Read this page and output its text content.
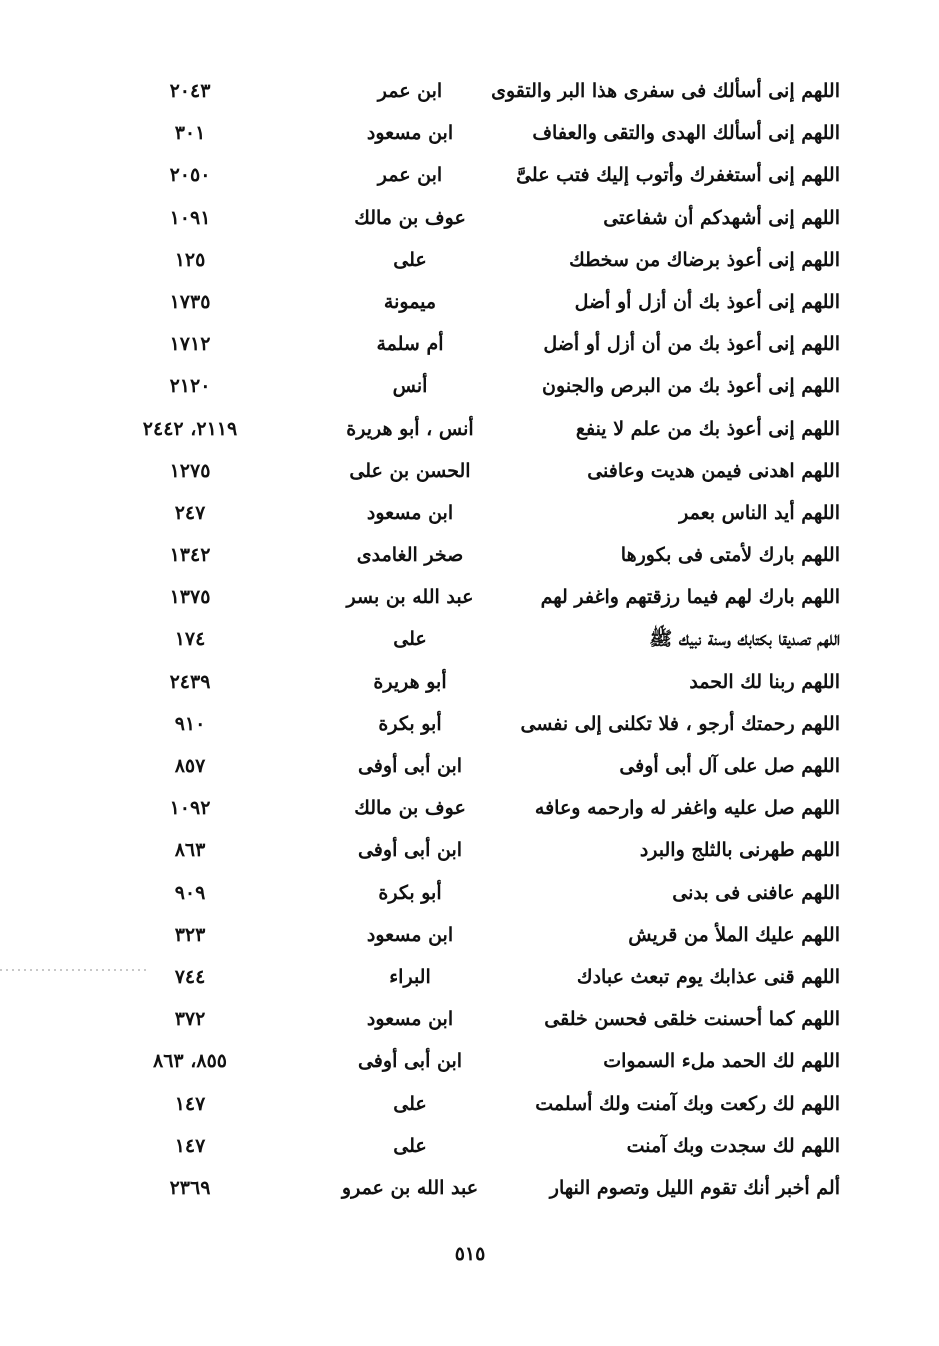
اللهم إنى أسألك فى سفرى هذا البر والتقوى
ابن عمر
٢٠٤٣
اللهم إنى أسألك الهدى والتقى والعفاف
ابن مسعود
٣٠١
اللهم إنى أستغفرك وأتوب إليك فتب علىَّ
ابن عمر
٢٠٥٠
اللهم إنى أشهدكم أن شفاعتى
عوف بن مالك
١٠٩١
اللهم إنى أعوذ برضاك من سخطك
على
١٢٥
اللهم إنى أعوذ بك أن أزل أو أضل
ميمونة
١٧٣٥
اللهم إنى أعوذ بك من أن أزل أو أضل
أم سلمة
١٧١٢
اللهم إنى أعوذ بك من البرص والجنون
أنس
٢١٢٠
اللهم إنى أعوذ بك من علم لا ينفع
أنس ، أبو هريرة
٢١١٩، ٢٤٤٢
اللهم اهدنى فيمن هديت وعافنى
الحسن بن على
١٢٧٥
اللهم أيد الناس بعمر
ابن مسعود
٢٤٧
اللهم بارك لأمتى فى بكورها
صخر الغامدى
١٣٤٢
اللهم بارك لهم فيما رزقتهم واغفر لهم
عبد الله بن بسر
١٣٧٥
اللهم تصديقا بكتابك وسنة نبيك ﷺ
على
١٧٤
اللهم ربنا لك الحمد
أبو هريرة
٢٤٣٩
اللهم رحمتك أرجو ، فلا تكلنى إلى نفسى
أبو بكرة
٩١٠
اللهم صل على آل أبى أوفى
ابن أبى أوفى
٨٥٧
اللهم صل عليه واغفر له وارحمه وعافه
عوف بن مالك
١٠٩٢
اللهم طهرنى بالثلج والبرد
ابن أبى أوفى
٨٦٣
اللهم عافنى فى بدنى
أبو بكرة
٩٠٩
اللهم عليك الملأ من قريش
ابن مسعود
٣٢٣
اللهم قنى عذابك يوم تبعث عبادك
البراء
٧٤٤
اللهم كما أحسنت خلقى فحسن خلقى
ابن مسعود
٣٧٢
اللهم لك الحمد ملء السموات
ابن أبى أوفى
٨٥٥، ٨٦٣
اللهم لك ركعت وبك آمنت ولك أسلمت
على
١٤٧
اللهم لك سجدت وبك آمنت
على
١٤٧
ألم أخبر أنك تقوم الليل وتصوم النهار
عبد الله بن عمرو
٢٣٦٩
٥١٥
